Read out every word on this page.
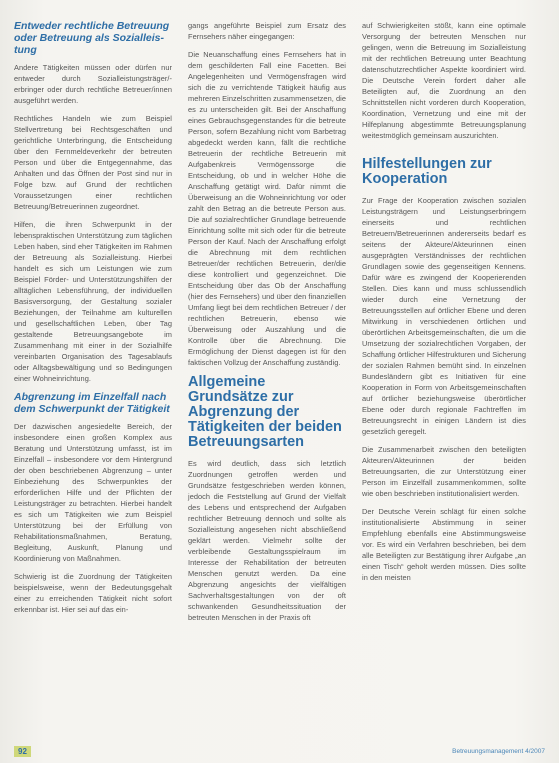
Entweder rechtliche Betreuung oder Betreuung als Sozialleis-tung

Andere Tätigkeiten müssen oder dürfen nur entweder durch Sozialleistungsträger/-erbringer oder durch rechtliche Betreuer/innen ausgeführt werden.

Rechtliches Handeln wie zum Beispiel Stellvertretung bei Rechtsgeschäften und gerichtliche Unterbringung, die Entscheidung über den Fernmeldeverkehr der betreuten Person und über die Entgegennahme, das Anhalten und das Öffnen der Post sind nur in Folge bzw. auf Grund der rechtlichen Voraussetzungen einer rechtlichen Betreuung/Betreuerinnen zugeordnet.

Hilfen, die ihren Schwerpunkt in der lebenspraktischen Unterstützung zum täglichen Leben haben, sind eher Tätigkeiten im Rahmen der Betreuung als Sozialleistung. Hierbei handelt es sich um Leistungen wie zum Beispiel Förder- und Unterstützungshilfen der alltäglichen Lebensführung, der individuellen Basisversorgung, der Gestaltung sozialer Beziehungen, der Teilnahme am kulturellen und gesellschaftlichen Leben, über Tag gestaltende Betreuungsangebote im Zusammenhang mit einer in der Sozialhilfe vereinbarten Organisation des Tagesablaufs oder Alltagsbewältigung und so Bedingungen einer Wohneinrichtung.

Abgrenzung im Einzelfall nach dem Schwerpunkt der Tätigkeit

Der dazwischen angesiedelte Bereich, der insbesondere einen großen Komplex aus Beratung und Unterstützung umfasst, ist im Einzelfall – insbesondere vor dem Hintergrund der oben beschriebenen Abgrenzung – unter Einbeziehung des Schwerpunktes der erforderlichen Hilfe und der Pflichten der Leistungsträger zu betrachten. Hierbei handelt es sich um Tätigkeiten wie zum Beispiel Unterstützung bei der Erfüllung von Rehabilitationsmaßnahmen, Beratung, Begleitung, Auskunft, Planung und Koordinierung von Maßnahmen.

Schwierig ist die Zuordnung der Tätigkeiten beispielsweise, wenn der Bedeutungsgehalt einer zu erreichenden Tätigkeit nicht sofort erkennbar ist. Hier sei auf das ein-

gangs angeführte Beispiel zum Ersatz des Fernsehers näher eingegangen:

Die Neuanschaffung eines Fernsehers hat in dem geschilderten Fall eine Facetten. Bei Angelegenheiten und Vermögensfragen wird sich die zu verrichtende Tätigkeit häufig aus mehreren Einzelschritten zusammensetzen, die es zu unterscheiden gilt. Bei der Anschaffung eines Gebrauchsgegenstandes für die betreute Person, sofern Bezahlung nicht vom Barbetrag abgedeckt werden kann, fällt die rechtliche Betreuerin der rechtliche Betreuerin mit Aufgabenkreis Vermögenssorge die Entscheidung, ob und in welcher Höhe die Anschaffung getätigt wird. Dafür nimmt die Überweisung an die Wohneinrichtung vor oder zahlt den Betrag an die betreute Person aus. Die auf sozialrechtlicher Grundlage betreuende Einrichtung sollte mit sich oder für die betreute Person der Kauf. Nach der Anschaffung erfolgt die Abrechnung mit dem rechtlichen Betreuer/der rechtlichen Betreuerin, der/die diese kontrolliert und gegenzeichnet. Die Entscheidung über das Ob der Anschaffung (hier des Fernsehers) und über den finanziellen Umfang liegt bei dem rechtlichen Betreuer / der rechtlichen Betreuerin, ebenso wie Überweisung oder Auszahlung und die Kontrolle über die Abrechnung. Die Ermöglichung der Dienst dagegen ist für den faktischen Vollzug der Anschaffung zuständig.

Allgemeine Grundsätze zur Abgrenzung der Tätigkeiten der beiden Betreuungsarten

Es wird deutlich, dass sich letztlich Zuordnungen getroffen werden und Grundsätze festgeschrieben werden können, jedoch die Feststellung auf Grund der Vielfalt des Lebens und entsprechend der Aufgaben rechtlicher Betreuung dennoch und sollte als Sozialleistung angesehen nicht abschließend geklärt werden. Vielmehr sollte der verbleibende Gestaltungsspielraum im Interesse der Rehabilitation der betreuten Menschen genutzt werden. Da eine Abgrenzung angesichts der vielfältigen Sachverhaltsgestaltungen von der oft schwankenden Gesundheitssituation der betreuten Menschen in der Praxis oft

auf Schwierigkeiten stößt, kann eine optimale Versorgung der betreuten Menschen nur gelingen, wenn die Betreuung im Sozialleistung mit der rechtlichen Betreuung unter Beachtung datenschutzrechtlicher Aspekte koordiniert wird. Die Deutsche Verein fordert daher alle Beteiligten auf, die Zuordnung an den Schnittstellen nicht vorderen durch Kooperation, Koordination, Vernetzung und eine mit der Hilfeplanung abgestimmte Betreuungsplanung weitestmöglich gemeinsam auszurichten.

Hilfestellungen zur Kooperation

Zur Frage der Kooperation zwischen sozialen Leistungsträgern und Leistungserbringern einerseits und rechtlichen Betreuern/Betreuerinnen andererseits bedarf es seitens der Akteure/Akteurinnen einen ausgeprägten Verständnisses der rechtlichen Grundlagen sowie des gegenseitigen Kennens. Dafür wäre es zwingend der Kooperierenden Stellen. Dies kann und muss schlussendlich wieder durch eine Vernetzung der Betreuungsstellen auf örtlicher Ebene und deren Mitwirkung in verschiedenen örtlichen und überörtlichen Arbeitsgemeinschaften, die um die Umsetzung der sozialrechtlichen Vorgaben, der Schaffung örtlicher Hilfestrukturen und Sicherung der sozialen Rahmen bemüht sind. In einzelnen Bundesländern gibt es Initiativen für eine Kooperation in Form von Arbeitsgemeinschaften auf örtlicher beziehungsweise überörtlicher Ebene oder durch regionale Fachtreffen im Betreuungsrecht in einigen Ländern ist dies gesetzlich geregelt.

Die Zusammenarbeit zwischen den beteiligten Akteuren/Akteurinnen der beiden Betreuungsarten, die zur Unterstützung einer Person im Einzelfall zusammenkommen, sollte wie oben beschrieben institutionalisiert werden.

Der Deutsche Verein schlägt für einen solche institutionalisierte Abstimmung in seiner Empfehlung ebenfalls eine Abstimmungsweise vor. Es wird ein Verfahren beschrieben, bei dem alle Beteiligten zur Bestätigung ihrer Aufgabe „an einen Tisch“ geholt werden müssen. Dies sollte in den meisten

92	Betreuungsmanagement 4/2007
